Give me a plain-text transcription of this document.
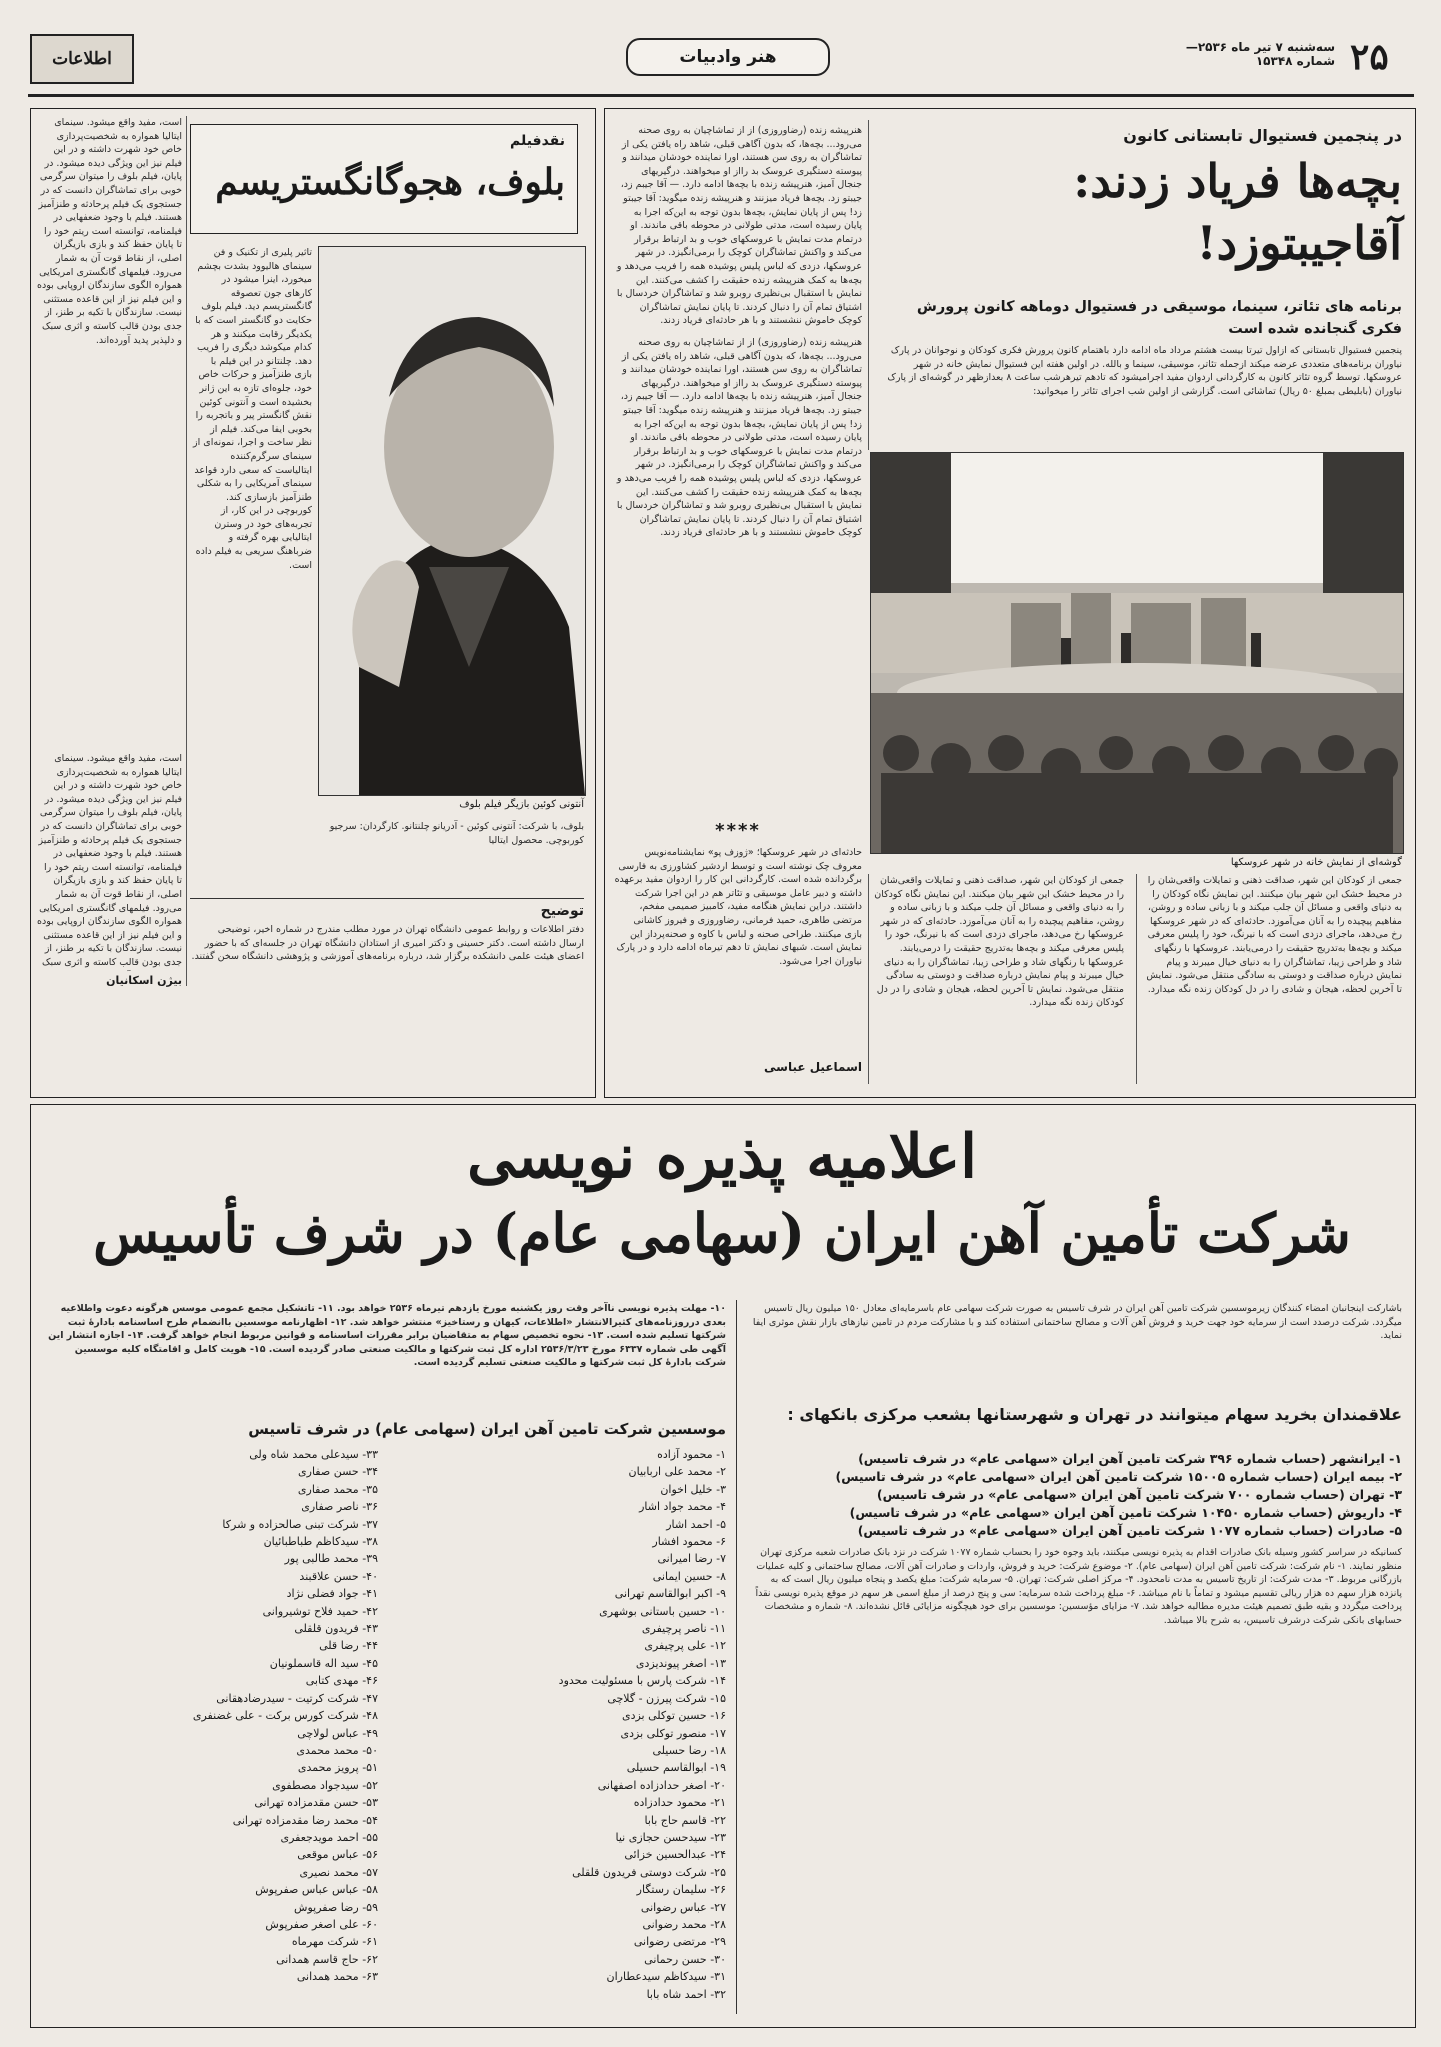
۲۵
سه‌شنبه ۷ تیر ماه ۲۵۳۶— شماره ۱۵۳۴۸
هنر وادبیات
اطلاعات
در پنجمین فستیوال تابستانی کانون
بچه‌ها فریاد زدند: آقاجیبتوزد!
برنامه های تئاتر، سینما، موسیقی در فستیوال دوماهه کانون پرورش فکری گنجانده شده است
پنجمین فستیوال تابستانی که ازاول تیرتا بیست هشتم مرداد ماه ادامه دارد باهتمام کانون پرورش فکری کودکان و نوجوانان در پارک نیاوران برنامه‌های متعددی عرضه میکند ازجمله تئاتر، موسیقی، سینما و بالله. در اولین هفته این فستیوال نمایش خانه در شهر عروسکها. توسط گروه تئاتر کانون به کارگردانی اردوان مفید اجرامیشود که تادهم تیرهرشب ساعت ۸ بعدازظهر در گوشه‌ای از پارک نیاوران (بابلیطی بمبلغ ۵۰ ریال) تماشائی است. گزارشی از اولین شب اجرای تئاتر را میخوانید:
گوشه‌ای از نمایش خانه در شهر عروسکها
هنرپیشه زنده (رضاوروزی) از از تماشاچیان به روی صحنه می‌رود... بچه‌ها، که بدون آگاهی قبلی، شاهد راه یافتن یکی از تماشاگران به روی سن هستند، اورا نماینده خودشان میدانند و پیوسته دستگیری عروسک بد رااز او میخواهند. درگیریهای جنجال آمیز، هنر‌پیشه زنده با بچه‌ها ادامه دارد. — آقا جیبم زد، جیبتو زد. بچه‌ها فریاد میزنند و هنرپیشه زنده میگوید: آقا جیبتو زد! پس از پایان نمایش، بچه‌ها بدون توجه به این‌که اجرا به پایان رسیده است، مدتی طولانی در محوطه باقی ماندند. او درتمام مدت نمایش با عروسکهای خوب و بد ارتباط برقرار می‌کند و واکنش تماشاگران کوچک را برمی‌انگیزد. در شهر عروسکها، دزدی که لباس پلیس پوشیده همه را فریب می‌دهد و بچه‌ها به کمک هنرپیشه زنده حقیقت را کشف می‌کنند. این نمایش با استقبال بی‌نظیری روبرو شد و تماشاگران خردسال با اشتیاق تمام آن را دنبال کردند. تا پایان نمایش تماشاگران کوچک خاموش ننشستند و با هر حادثه‌ای فریاد زدند.
هنرپیشه زنده (رضاوروزی) از از تماشاچیان به روی صحنه می‌رود... بچه‌ها، که بدون آگاهی قبلی، شاهد راه یافتن یکی از تماشاگران به روی سن هستند، اورا نماینده خودشان میدانند و پیوسته دستگیری عروسک بد رااز او میخواهند. درگیریهای جنجال آمیز، هنر‌پیشه زنده با بچه‌ها ادامه دارد. — آقا جیبم زد، جیبتو زد. بچه‌ها فریاد میزنند و هنرپیشه زنده میگوید: آقا جیبتو زد! پس از پایان نمایش، بچه‌ها بدون توجه به این‌که اجرا به پایان رسیده است، مدتی طولانی در محوطه باقی ماندند. او درتمام مدت نمایش با عروسکهای خوب و بد ارتباط برقرار می‌کند و واکنش تماشاگران کوچک را برمی‌انگیزد. در شهر عروسکها، دزدی که لباس پلیس پوشیده همه را فریب می‌دهد و بچه‌ها به کمک هنرپیشه زنده حقیقت را کشف می‌کنند. این نمایش با استقبال بی‌نظیری روبرو شد و تماشاگران خردسال با اشتیاق تمام آن را دنبال کردند. تا پایان نمایش تماشاگران کوچک خاموش ننشستند و با هر حادثه‌ای فریاد زدند.
****
حادثه‌ای در شهر عروسکها؛ «ژوزف پو» نمایشنامه‌نویس معروف چک نوشته است و توسط اردشیر کشاورزی به فارسی برگردانده شده است. کارگردانی این کار را اردوان مفید برعهده داشته و دبیر عامل موسیقی و تئاتر هم در این اجرا شرکت داشتند. دراین نمایش هنگامه مفید، کامبیز صمیمی مفخم، مرتضی طاهری، حمید فرمانی، رضاوروزی و فیروز کاشانی بازی میکنند. طراحی صحنه و لباس با کاوه و صحنه‌پرداز این نمایش است. شبهای نمایش تا دهم تیرماه ادامه دارد و در پارک نیاوران اجرا می‌شود.
اسماعیل عباسی
جمعی از کودکان این شهر، صداقت ذهنی و تمایلات واقعی‌شان را در محیط خشک این شهر بیان میکنند. این نمایش نگاه کودکان را به دنیای واقعی و مسائل آن جلب میکند و با زبانی ساده و روشن، مفاهیم پیچیده را به آنان می‌آموزد. حادثه‌ای که در شهر عروسکها رخ می‌دهد، ماجرای دزدی است که با نیرنگ، خود را پلیس معرفی میکند و بچه‌ها به‌تدریج حقیقت را درمی‌یابند. عروسکها با رنگهای شاد و طراحی زیبا، تماشاگران را به دنیای خیال میبرند و پیام نمایش درباره صداقت و دوستی به سادگی منتقل می‌شود. نمایش تا آخرین لحظه، هیجان و شادی را در دل کودکان زنده نگه میدارد.
جمعی از کودکان این شهر، صداقت ذهنی و تمایلات واقعی‌شان را در محیط خشک این شهر بیان میکنند. این نمایش نگاه کودکان را به دنیای واقعی و مسائل آن جلب میکند و با زبانی ساده و روشن، مفاهیم پیچیده را به آنان می‌آموزد. حادثه‌ای که در شهر عروسکها رخ می‌دهد، ماجرای دزدی است که با نیرنگ، خود را پلیس معرفی میکند و بچه‌ها به‌تدریج حقیقت را درمی‌یابند. عروسکها با رنگهای شاد و طراحی زیبا، تماشاگران را به دنیای خیال میبرند و پیام نمایش درباره صداقت و دوستی به سادگی منتقل می‌شود. نمایش تا آخرین لحظه، هیجان و شادی را در دل کودکان زنده نگه میدارد.
نقدفیلم
بلوف، هجوگانگستریسم
است، مفید واقع میشود. سینمای ایتالیا همواره به شخصیت‌پردازی خاص خود شهرت داشته و در این فیلم نیز این ویژگی دیده میشود. در پایان، فیلم بلوف را میتوان سرگرمی خوبی برای تماشاگران دانست که در جستجوی یک فیلم پرحادثه و طنزآمیز هستند. فیلم با وجود ضعفهایی در فیلمنامه، توانسته است ریتم خود را تا پایان حفظ کند و بازی بازیگران اصلی، از نقاط قوت آن به شمار می‌رود. فیلمهای گانگستری امریکایی همواره الگوی سازندگان اروپایی بوده و این فیلم نیز از این قاعده مستثنی نیست. سازندگان با تکیه بر طنز، از جدی بودن قالب کاسته و اثری سبک و دلپذیر پدید آورده‌اند.
آنتونی کوئین بازیگر فیلم بلوف
تاثیر پلیری از تکنیک و فن سینمای هالیوود بشدت بچشم میخورد، اینرا میشود در کارهای جون تعصوقه گانگستریسم دید. فیلم بلوف حکایت دو گانگستر است که با یکدیگر رقابت میکنند و هر کدام میکوشد دیگری را فریب دهد. چلنتانو در این فیلم با بازی طنزآمیز و حرکات خاص خود، جلوه‌ای تازه به این ژانر بخشیده است و آنتونی کوئین نقش گانگستر پیر و باتجربه را بخوبی ایفا می‌کند. فیلم از نظر ساخت و اجرا، نمونه‌ای از سینمای سرگرم‌کننده ایتالیاست که سعی دارد قواعد سینمای آمریکایی را به شکلی طنزآمیز بازسازی کند. کوربوچی در این کار، از تجربه‌های خود در وسترن ایتالیایی بهره گرفته و ضرباهنگ سریعی به فیلم داده است.
بلوف، با شرکت: آنتونی کوئین - آدریانو چلنتانو. کارگردان: سرجیو کوربوچی. محصول ایتالیا
است، مفید واقع میشود. سینمای ایتالیا همواره به شخصیت‌پردازی خاص خود شهرت داشته و در این فیلم نیز این ویژگی دیده میشود. در پایان، فیلم بلوف را میتوان سرگرمی خوبی برای تماشاگران دانست که در جستجوی یک فیلم پرحادثه و طنزآمیز هستند. فیلم با وجود ضعفهایی در فیلمنامه، توانسته است ریتم خود را تا پایان حفظ کند و بازی بازیگران اصلی، از نقاط قوت آن به شمار می‌رود. فیلمهای گانگستری امریکایی همواره الگوی سازندگان اروپایی بوده و این فیلم نیز از این قاعده مستثنی نیست. سازندگان با تکیه بر طنز، از جدی بودن قالب کاسته و اثری سبک
بیژن اسکانیان
توضیح
دفتر اطلاعات و روابط عمومی دانشگاه تهران در مورد مطلب مندرج در شماره اخیر، توضیحی ارسال داشته است. دکتر حسینی و دکتر امیری از استادان دانشگاه تهران در جلسه‌ای که با حضور اعضای هیئت علمی دانشکده برگزار شد، درباره برنامه‌های آموزشی و پژوهشی دانشگاه سخن گفتند.
اعلامیه پذیره نویسی
شرکت تأمین آهن ایران (سهامی عام) در شرف تأسیس
باشارکت اینجانبان امضاء کنندگان زیرموسسین شرکت تامین آهن ایران در شرف تاسیس به صورت شرکت سهامی عام باسرمایه‌ای معادل ۱۵۰ میلیون ریال تاسیس میگردد. شرکت درصدد است از سرمایه خود جهت خرید و فروش آهن آلات و مصالح ساختمانی استفاده کند و با مشارکت مردم در تامین نیازهای بازار نقش موثری ایفا نماید.
علاقمندان بخرید سهام میتوانند در تهران و شهرستانها بشعب مرکزی بانکهای :
۱- ایرانشهر (حساب شماره ۳۹۶ شرکت تامین آهن ایران «سهامی عام» در شرف تاسیس)
۲- بیمه ایران (حساب شماره ۱۵۰۰۵ شرکت تامین آهن ایران «سهامی عام» در شرف تاسیس)
۳- تهران (حساب شماره ۷۰۰ شرکت تامین آهن ایران «سهامی عام» در شرف تاسیس)
۴- داریوش (حساب شماره ۱۰۴۵۰ شرکت تامین آهن ایران «سهامی عام» در شرف تاسیس)
۵- صادرات (حساب شماره ۱۰۷۷ شرکت تامین آهن ایران «سهامی عام» در شرف تاسیس)
کسانیکه در سراسر کشور وسیله بانک صادرات اقدام به پذیره نویسی میکنند، باید وجوه خود را بحساب شماره ۱۰۷۷ شرکت در نزد بانک صادرات شعبه مرکزی تهران منظور نمایند. ۱- نام شرکت: شرکت تامین آهن ایران (سهامی عام). ۲- موضوع شرکت: خرید و فروش، واردات و صادرات آهن آلات، مصالح ساختمانی و کلیه عملیات بازرگانی مربوط. ۳- مدت شرکت: از تاریخ تاسیس به مدت نامحدود. ۴- مرکز اصلی شرکت: تهران. ۵- سرمایه شرکت: مبلغ یکصد و پنجاه میلیون ریال است که به پانزده هزار سهم ده هزار ریالی تقسیم میشود و تماماً با نام میباشد. ۶- مبلغ پرداخت شده سرمایه: سی و پنج درصد از مبلغ اسمی هر سهم در موقع پذیره نویسی نقداً پرداخت میگردد و بقیه طبق تصمیم هیئت مدیره مطالبه خواهد شد. ۷- مزایای مؤسسین: موسسین برای خود هیچگونه مزایائی قائل نشده‌اند. ۸- شماره و مشخصات حسابهای بانکی شرکت درشرف تاسیس، به شرح بالا میباشد.
۱۰- مهلت پذیره نویسی ناآخر وقت روز یکشنبه مورخ یازدهم تیرماه ۲۵۳۶ خواهد بود. ۱۱- تاتشکیل مجمع عمومی موسس هرگونه دعوت واطلاعیه بعدی درروزنامه‌های کثیرالانتشار «اطلاعات، کیهان و رستاخیز» منتشر خواهد شد. ۱۲- اظهارنامه موسسین باانضمام طرح اساسنامه بادارهٔ ثبت شرکتها تسلیم شده است. ۱۳- نحوه تخصیص سهام به متقاضیان برابر مقررات اساسنامه و قوانین مربوط انجام خواهد گرفت. ۱۴- اجازه انتشار این آگهی طی شماره ۶۳۳۷ مورخ ۲۵۳۶/۳/۲۳ اداره کل ثبت شرکتها و مالکیت صنعتی صادر گردیده است. ۱۵- هویت کامل و اقامتگاه کلیه موسسین شرکت بادارهٔ کل ثبت شرکتها و مالکیت صنعتی تسلیم گردیده است.
موسسین شرکت تامین آهن ایران (سهامی عام) در شرف تاسیس
۱- محمود آزاده
۲- محمد علی اربابیان
۳- خلیل اخوان
۴- محمد جواد اشار
۵- احمد اشار
۶- محمود افشار
۷- رضا امیرانی
۸- حسین ایمانی
۹- اکبر ابوالقاسم تهرانی
۱۰- حسین باستانی بوشهری
۱۱- ناصر پرچیفری
۱۲- علی پرچیفری
۱۳- اصغر پیوندیزدی
۱۴- شرکت پارس با مسئولیت محدود
۱۵- شرکت پیرزن - گلاچی
۱۶- حسین توکلی بزدی
۱۷- منصور توکلی بزدی
۱۸- رضا حسیلی
۱۹- ابوالقاسم حسیلی
۲۰- اصغر حدادزاده اصفهانی
۲۱- محمود حدادزاده
۲۲- قاسم حاج بابا
۲۳- سیدحسن حجازی نیا
۲۴- عبدالحسین خزائی
۲۵- شرکت دوستی فریدون قلقلی
۲۶- سلیمان رستگار
۲۷- عباس رضوانی
۲۸- محمد رضوانی
۲۹- مرتضی رضوانی
۳۰- حسن رحمانی
۳۱- سیدکاظم سیدعطاران
۳۲- احمد شاه بابا
۳۳- سیدعلی محمد شاه ولی
۳۴- حسن صفاری
۳۵- محمد صفاری
۳۶- ناصر صفاری
۳۷- شرکت تبنی صالحزاده و شرکا
۳۸- سیدکاظم طباطبائیان
۳۹- محمد طالبی پور
۴۰- حسن علاقبند
۴۱- جواد فضلی نژاد
۴۲- حمید فلاح توشیروانی
۴۳- فریدون قلقلی
۴۴- رضا قلی
۴۵- سید اله قاسملونیان
۴۶- مهدی کتابی
۴۷- شرکت کرتیت - سیدرضادهقانی
۴۸- شرکت کورس برکت - علی غضنفری
۴۹- عباس لولاچی
۵۰- محمد محمدی
۵۱- پرویز محمدی
۵۲- سیدجواد مصطفوی
۵۳- حسن مقدمزاده تهرانی
۵۴- محمد رضا مقدمزاده تهرانی
۵۵- احمد مویدجعفری
۵۶- عباس موقعی
۵۷- محمد نصیری
۵۸- عباس عباس صفرپوش
۵۹- رضا صفرپوش
۶۰- علی اصغر صفرپوش
۶۱- شرکت مهرماه
۶۲- حاج قاسم همدانی
۶۳- محمد همدانی
